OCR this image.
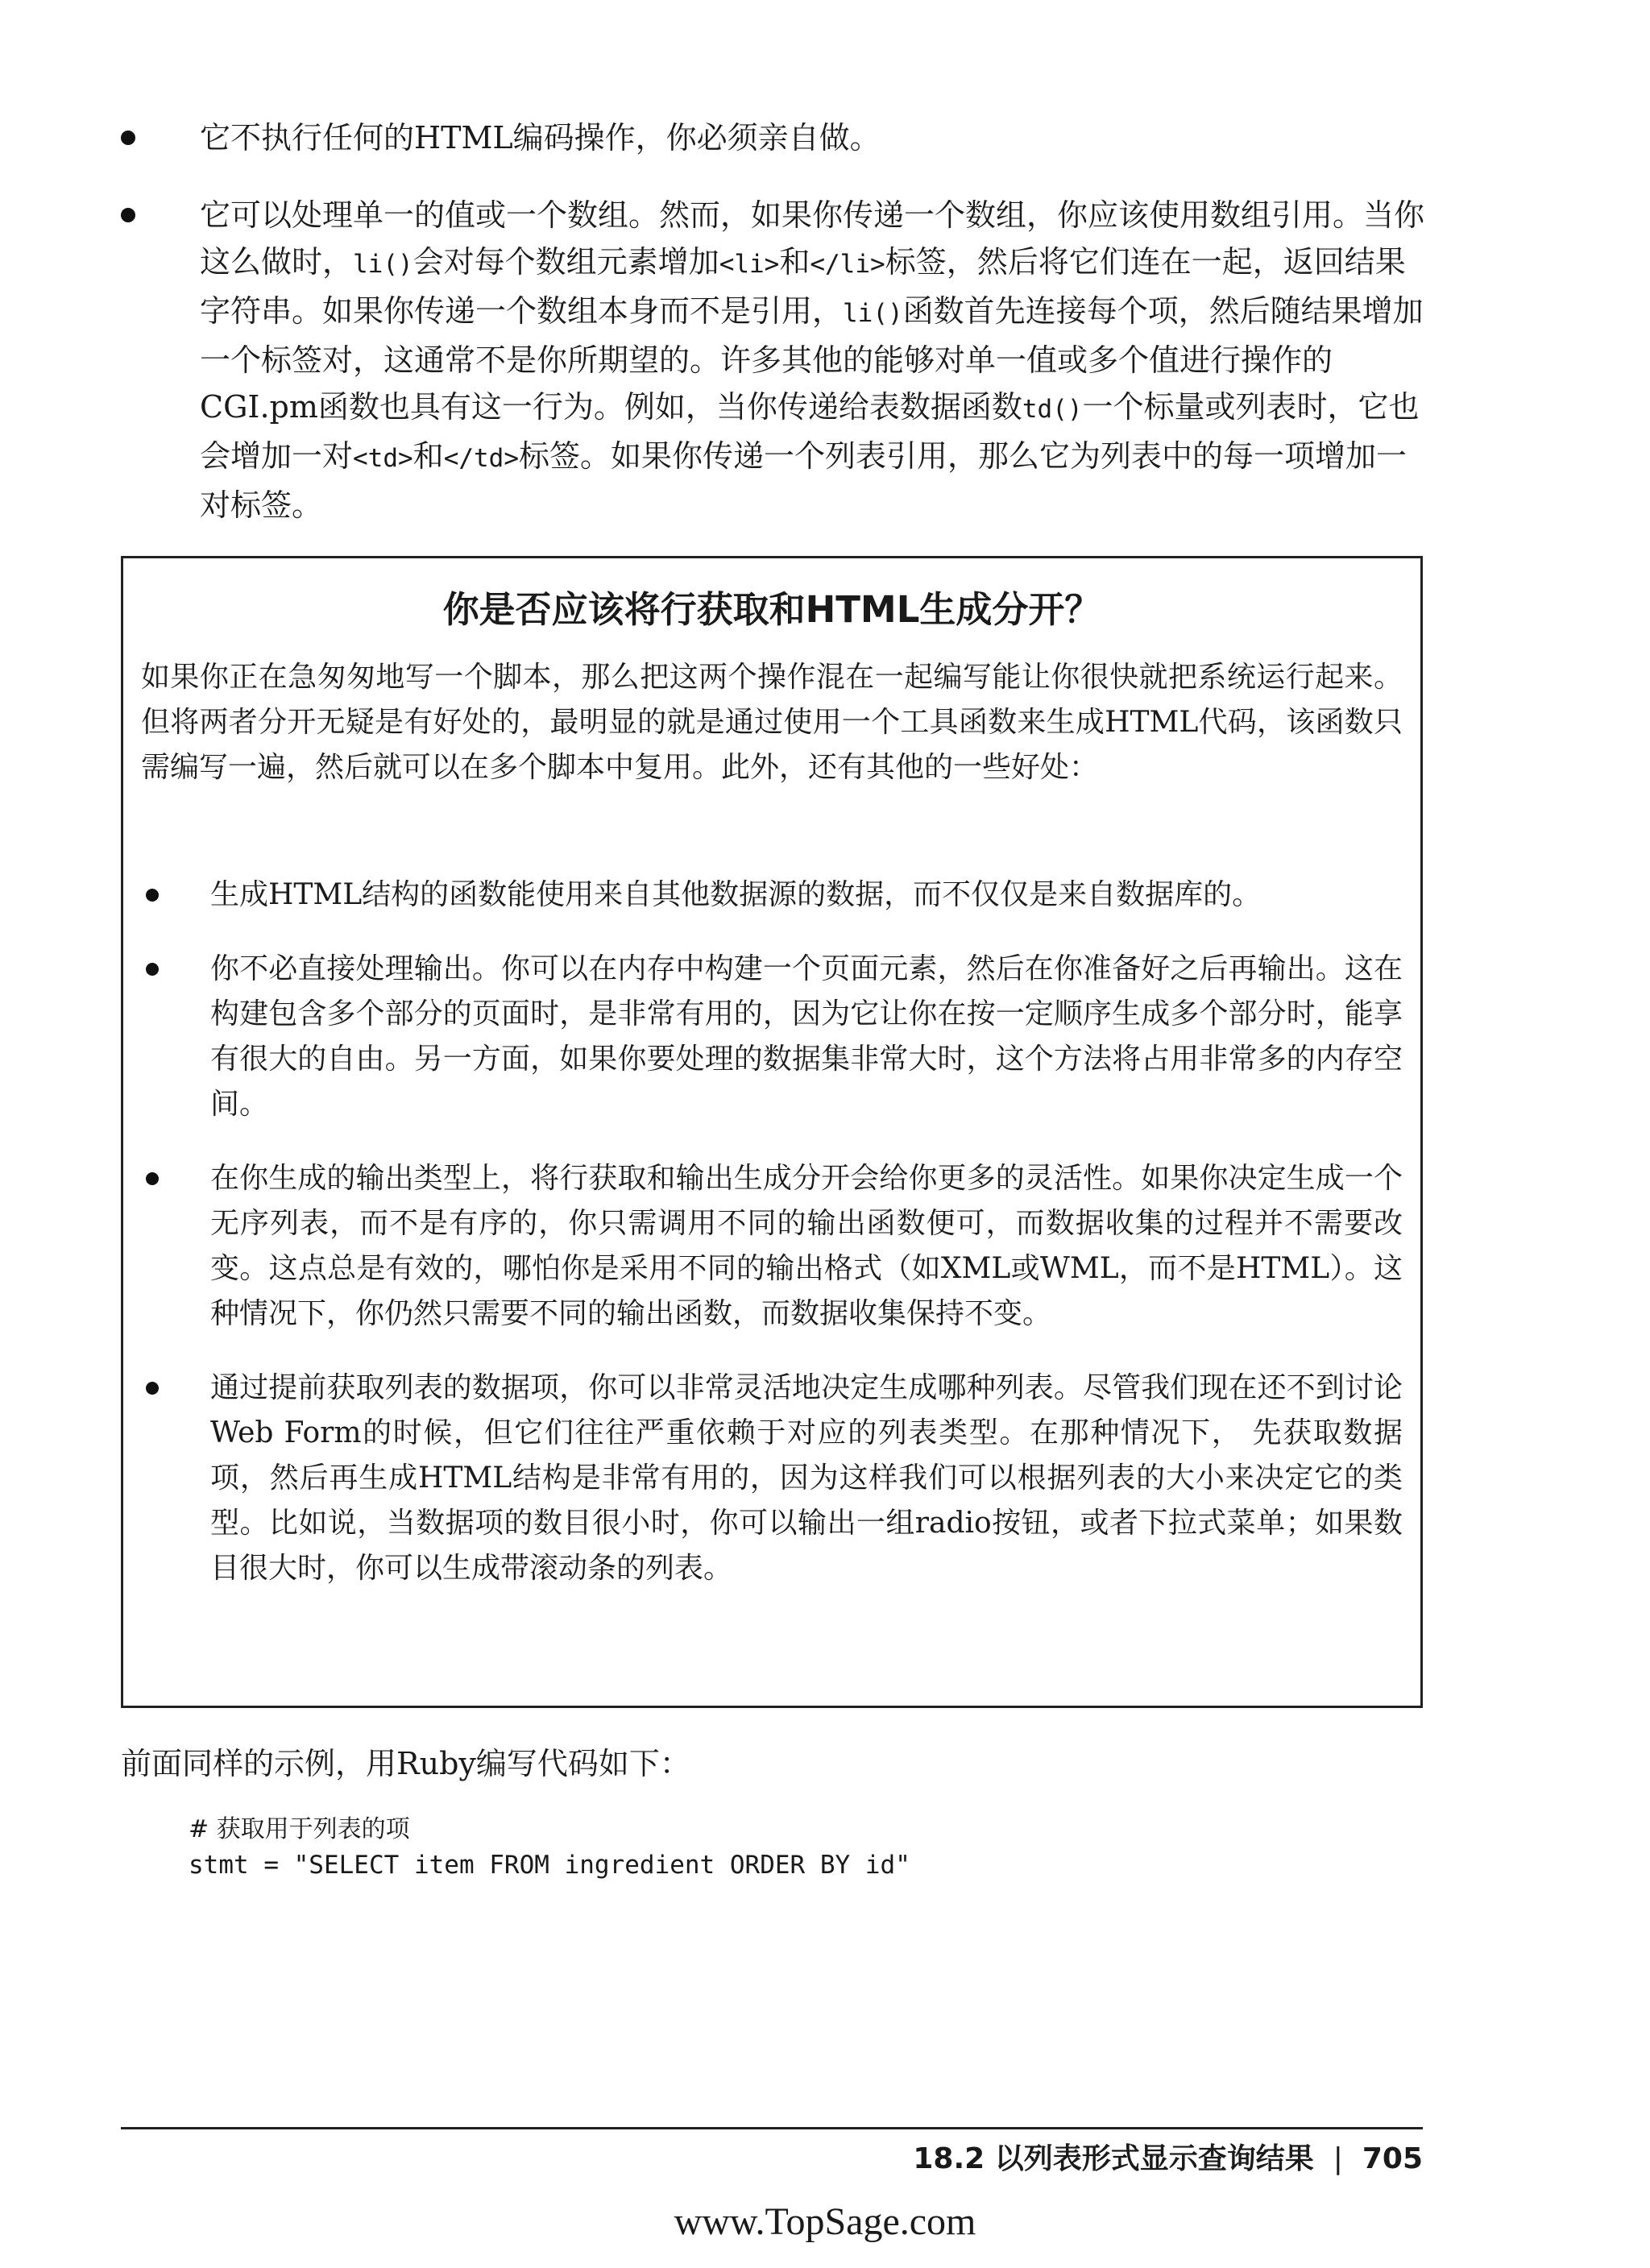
它不执行任何的HTML编码操作，你必须亲自做。
它可以处理单一的值或一个数组。然而，如果你传递一个数组，你应该使用数组引用。当你这么做时，li()会对每个数组元素增加<li>和</li>标签，然后将它们连在一起，返回结果字符串。如果你传递一个数组本身而不是引用，li()函数首先连接每个项，然后随结果增加一个标签对，这通常不是你所期望的。许多其他的能够对单一值或多个值进行操作的CGI.pm函数也具有这一行为。例如，当你传递给表数据函数td()一个标量或列表时，它也会增加一对<td>和</td>标签。如果你传递一个列表引用，那么它为列表中的每一项增加一对标签。
你是否应该将行获取和HTML生成分开？
如果你正在急匆匆地写一个脚本，那么把这两个操作混在一起编写能让你很快就把系统运行起来。但将两者分开无疑是有好处的，最明显的就是通过使用一个工具函数来生成HTML代码，该函数只需编写一遍，然后就可以在多个脚本中复用。此外，还有其他的一些好处：
生成HTML结构的函数能使用来自其他数据源的数据，而不仅仅是来自数据库的。
你不必直接处理输出。你可以在内存中构建一个页面元素，然后在你准备好之后再输出。这在构建包含多个部分的页面时，是非常有用的，因为它让你在按一定顺序生成多个部分时，能享有很大的自由。另一方面，如果你要处理的数据集非常大时，这个方法将占用非常多的内存空间。
在你生成的输出类型上，将行获取和输出生成分开会给你更多的灵活性。如果你决定生成一个无序列表，而不是有序的，你只需调用不同的输出函数便可，而数据收集的过程并不需要改变。这点总是有效的，哪怕你是采用不同的输出格式（如XML或WML，而不是HTML）。这种情况下，你仍然只需要不同的输出函数，而数据收集保持不变。
通过提前获取列表的数据项，你可以非常灵活地决定生成哪种列表。尽管我们现在还不到讨论Web Form的时候，但它们往往严重依赖于对应的列表类型。在那种情况下， 先获取数据项，然后再生成HTML结构是非常有用的，因为这样我们可以根据列表的大小来决定它的类型。比如说，当数据项的数目很小时，你可以输出一组radio按钮，或者下拉式菜单；如果数目很大时，你可以生成带滚动条的列表。
前面同样的示例，用Ruby编写代码如下：
# 获取用于列表的项
stmt = "SELECT item FROM ingredient ORDER BY id"
18.2 以列表形式显示查询结果 | 705
www.TopSage.com
